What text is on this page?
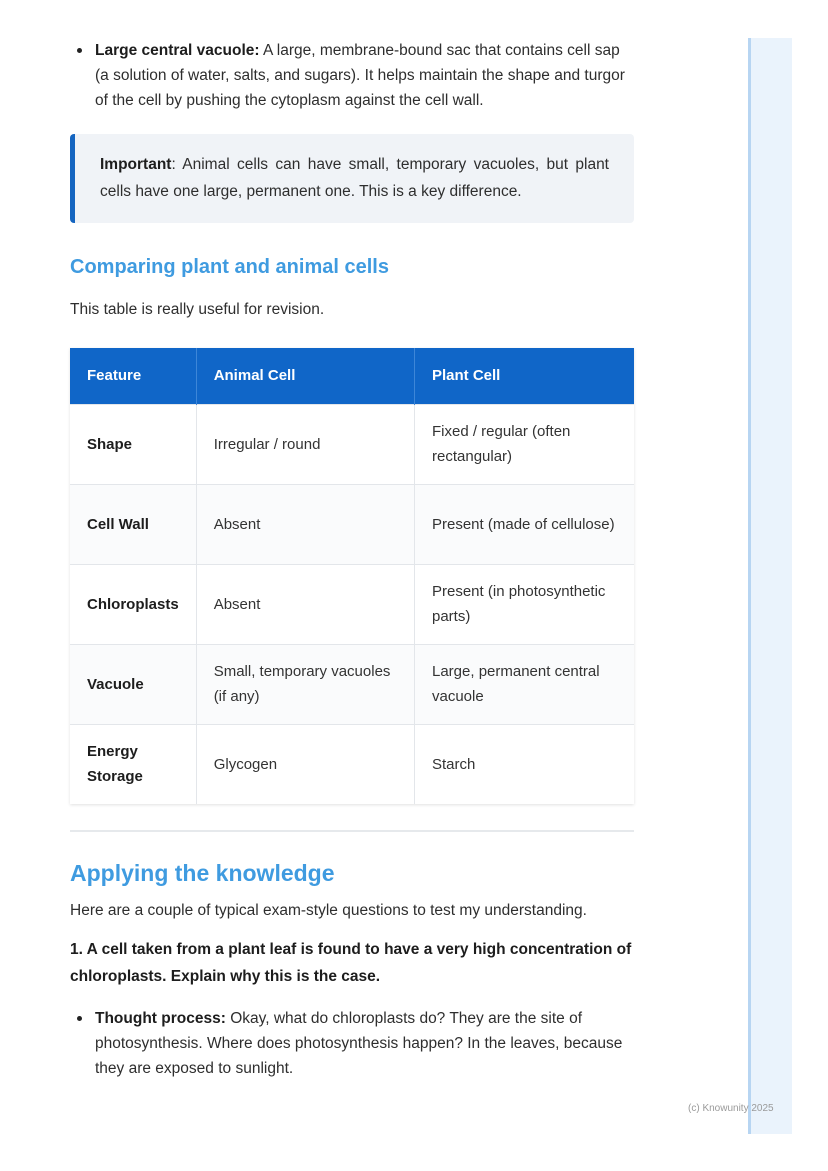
Large central vacuole: A large, membrane-bound sac that contains cell sap (a solution of water, salts, and sugars). It helps maintain the shape and turgor of the cell by pushing the cytoplasm against the cell wall.
Important: Animal cells can have small, temporary vacuoles, but plant cells have one large, permanent one. This is a key difference.
Comparing plant and animal cells

This table is really useful for revision.

Feature	Animal Cell	Plant Cell
Shape	Irregular / round	Fixed / regular (often rectangular)
Cell Wall	Absent	Present (made of cellulose)
Chloroplasts	Absent	Present (in photosynthetic parts)
Vacuole	Small, temporary vacuoles (if any)	Large, permanent central vacuole
Energy Storage	Glycogen	Starch
Applying the knowledge

Here are a couple of typical exam-style questions to test my understanding.

1. A cell taken from a plant leaf is found to have a very high concentration of chloroplasts. Explain why this is the case.

Thought process: Okay, what do chloroplasts do? They are the site of photosynthesis. Where does photosynthesis happen? In the leaves, because they are exposed to sunlight.
(c) Knowunity 2025
